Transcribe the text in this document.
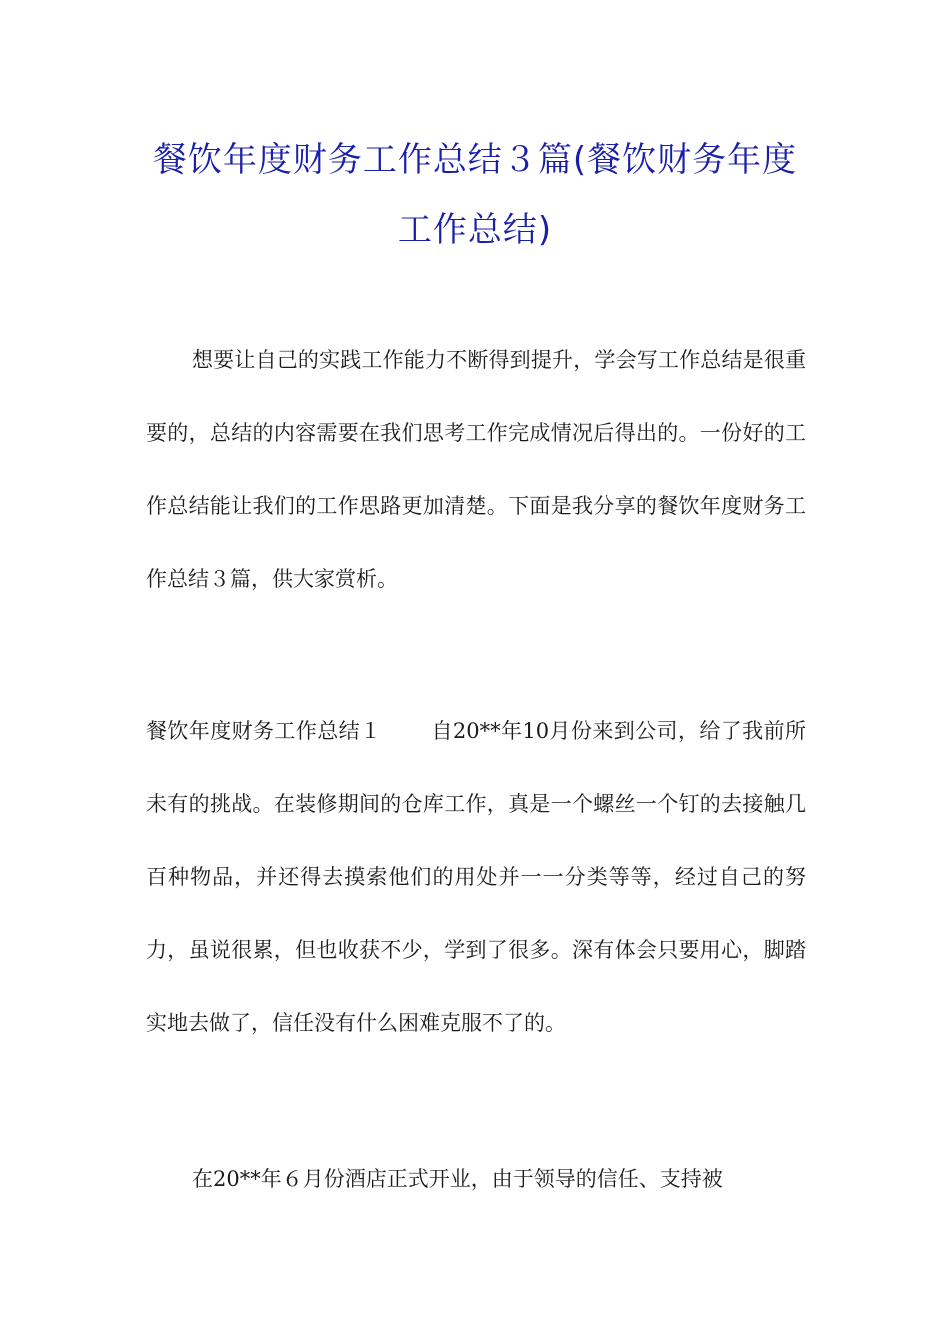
餐饮年度财务工作总结３篇(餐饮财务年度
工作总结)

想要让自己的实践工作能力不断得到提升，学会写工作总结是很重要的，总结的内容需要在我们思考工作完成情况后得出的。一份好的工作总结能让我们的工作思路更加清楚。下面是我分享的餐饮年度财务工作总结３篇，供大家赏析。

餐饮年度财务工作总结１ 自20**年10月份来到公司，给了我前所未有的挑战。在装修期间的仓库工作，真是一个螺丝一个钉的去接触几百种物品，并还得去摸索他们的用处并一一分类等等，经过自己的努力，虽说很累，但也收获不少，学到了很多。深有体会只要用心，脚踏实地去做了，信任没有什么困难克服不了的。

在20**年６月份酒店正式开业，由于领导的信任、支持被
